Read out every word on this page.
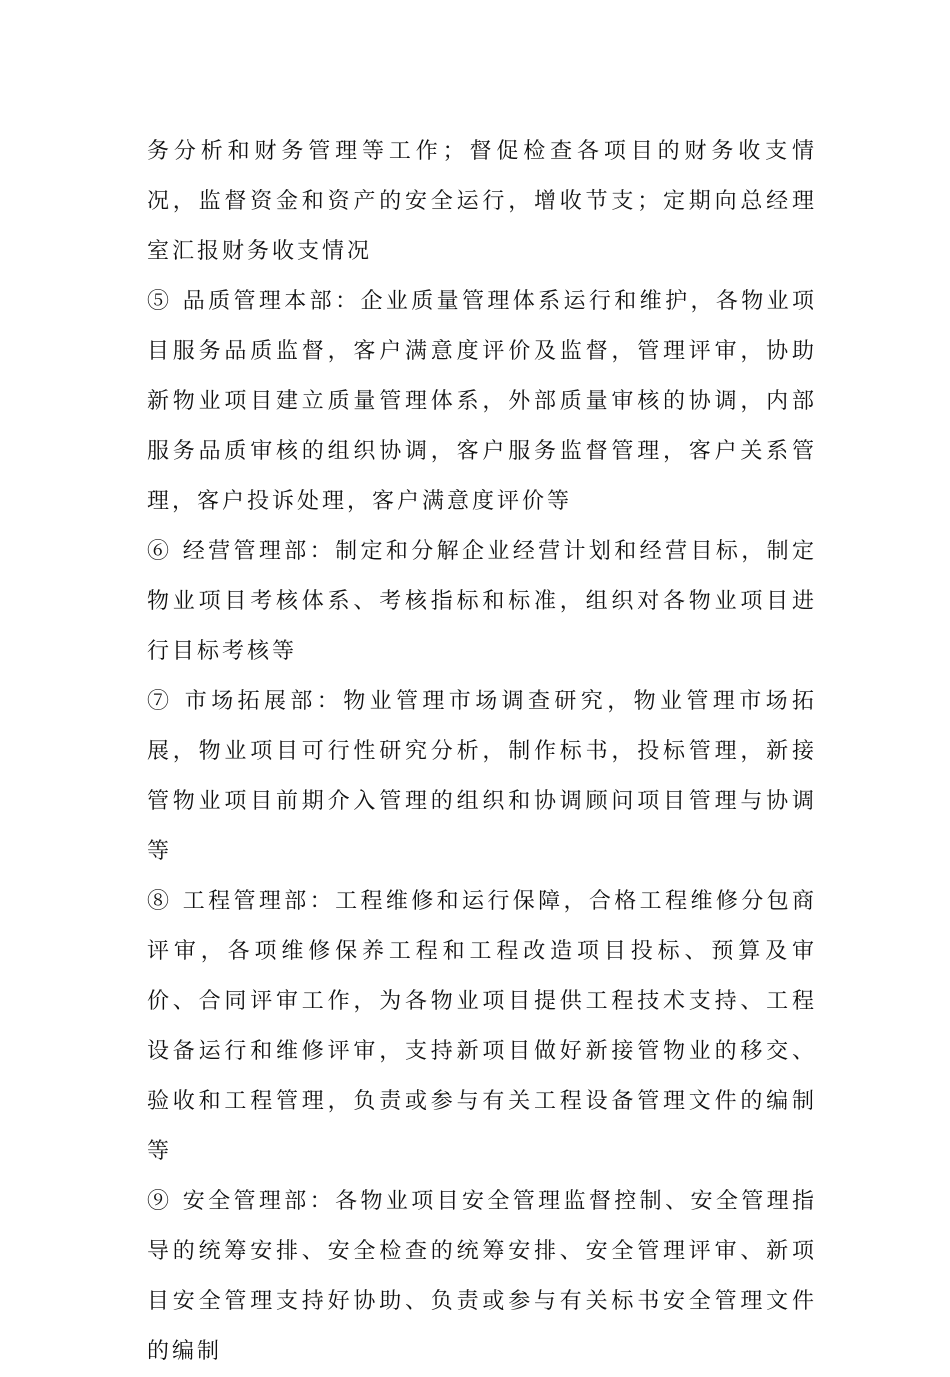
务分析和财务管理等工作；督促检查各项目的财务收支情况，监督资金和资产的安全运行，增收节支；定期向总经理室汇报财务收支情况

⑤ 品质管理本部：企业质量管理体系运行和维护，各物业项目服务品质监督，客户满意度评价及监督，管理评审，协助新物业项目建立质量管理体系，外部质量审核的协调，内部服务品质审核的组织协调，客户服务监督管理，客户关系管理，客户投诉处理，客户满意度评价等

⑥ 经营管理部：制定和分解企业经营计划和经营目标，制定物业项目考核体系、考核指标和标准，组织对各物业项目进行目标考核等

⑦ 市场拓展部：物业管理市场调查研究，物业管理市场拓展，物业项目可行性研究分析，制作标书，投标管理，新接管物业项目前期介入管理的组织和协调顾问项目管理与协调等

⑧ 工程管理部：工程维修和运行保障，合格工程维修分包商评审，各项维修保养工程和工程改造项目投标、预算及审价、合同评审工作，为各物业项目提供工程技术支持、工程设备运行和维修评审，支持新项目做好新接管物业的移交、验收和工程管理，负责或参与有关工程设备管理文件的编制等

⑨ 安全管理部：各物业项目安全管理监督控制、安全管理指导的统筹安排、安全检查的统筹安排、安全管理评审、新项目安全管理支持好协助、负责或参与有关标书安全管理文件的编制
